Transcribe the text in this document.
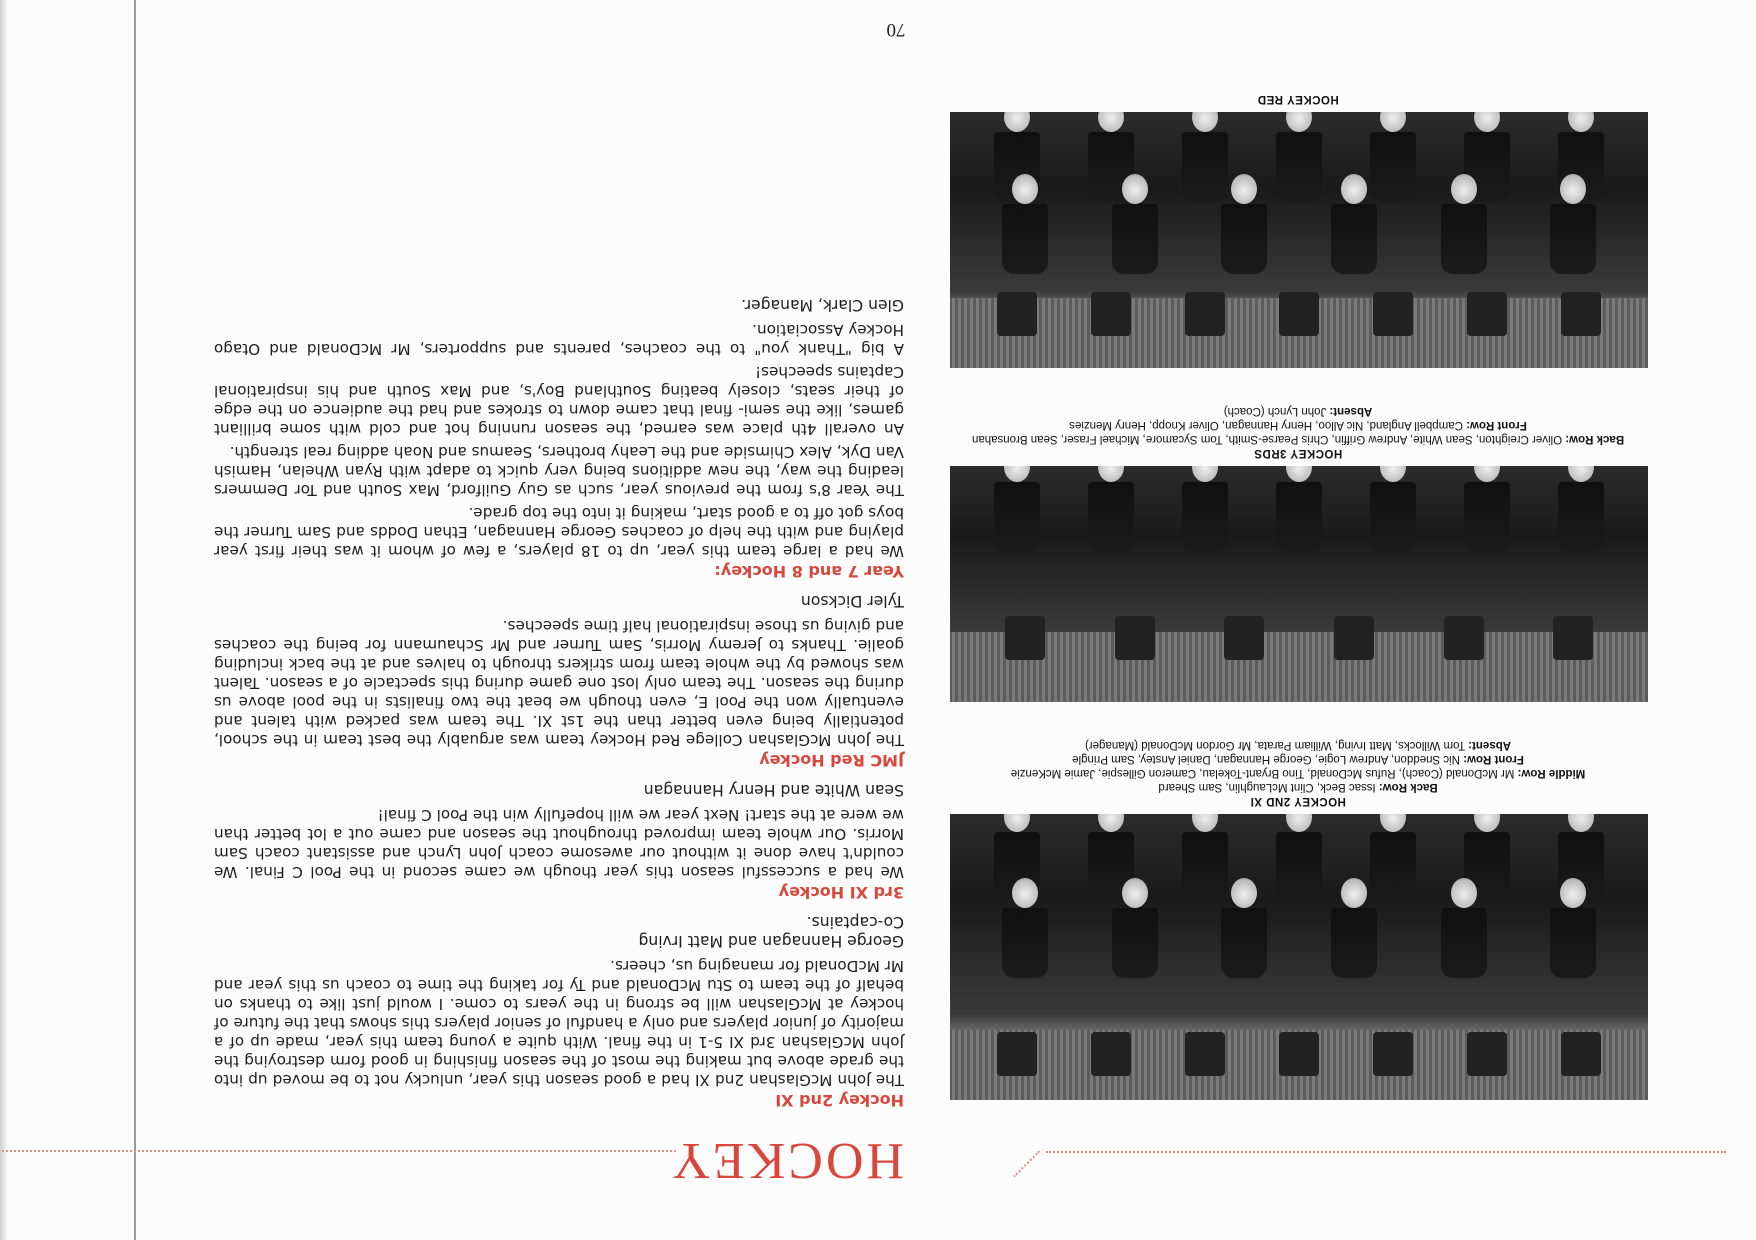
HOCKEY
HOCKEY 2ND XI
Back Row: Issac Beck, Clint McLaughlin, Sam Sheard
Middle Row: Mr McDonald (Coach), Rufus McDonald, Tino Bryant-Tokelau, Cameron Gillespie, Jamie McKenzie
Front Row: Nic Sneddon, Andrew Logie, George Hannagan, Daniel Anstey, Sam Pringle
Absent: Tom Willocks, Matt Irving, William Parata, Mr Gordon McDonald (Manager)
HOCKEY 3RDS
Back Row: Oliver Creighton, Sean White, Andrew Griffin, Chris Pearse-Smith, Tom Sycamore, Michael Fraser, Sean Bronsahan
Front Row: Campbell Angland, Nic Alloo, Henry Hannagan, Oliver Knopp, Henry Menzies
Absent: John Lynch (Coach)
HOCKEY RED
Hockey 2nd XI

The John McGlashan 2nd XI had a good season this year, unlucky not to be moved up into the grade above but making the most of the season finishing in good form destroying the John McGlashan 3rd XI 5-1 in the final. With quite a young team this year, made up of a majority of junior players and only a handful of senior players this shows that the future of hockey at McGlashan will be strong in the years to come. I would just like to thanks on behalf of the team to Stu McDonald and Ty for taking the time to coach us this year and Mr McDonald for managing us, cheers.

George Hannagan and Matt Irving
Co-captains.
3rd XI Hockey

We had a successful season this year though we came second in the Pool C Final. We couldn't have done it without our awesome coach John Lynch and assistant coach Sam Morris. Our whole team improved throughout the season and came out a lot better than we were at the start! Next year we will hopefully win the Pool C final!

Sean White and Henry Hannagan
JMC Red Hockey

The John McGlashan College Red Hockey team was arguably the best team in the school, potentially being even better than the 1st XI. The team was packed with talent and eventually won the Pool E, even though we beat the two finalists in the pool above us during the season. The team only lost one game during this spectacle of a season. Talent was showed by the whole team from strikers through to halves and at the back including goalie. Thanks to Jeremy Morris, Sam Turner and Mr Schaumann for being the coaches and giving us those inspirational half time speeches.

Tyler Dickson
Year 7 and 8 Hockey:

We had a large team this year, up to 18 players, a few of whom it was their first year playing and with the help of coaches George Hannagan, Ethan Dodds and Sam Turner the boys got off to a good start, making it into the top grade.

The Year 8's from the previous year, such as Guy Guilford, Max South and Tor Demmers leading the way, the new additions being very quick to adapt with Ryan Whelan, Hamish Van Dyk, Alex Chimside and the Leahy brothers, Seamus and Noah adding real strength.

An overall 4th place was earned, the season running hot and cold with some brilliant games, like the semi- final that came down to strokes and had the audience on the edge of their seats, closely beating Southland Boy's, and Max South and his inspirational Captains speeches!

A big "Thank you" to the coaches, parents and supporters, Mr McDonald and Otago Hockey Association.

Glen Clark, Manager.
70
